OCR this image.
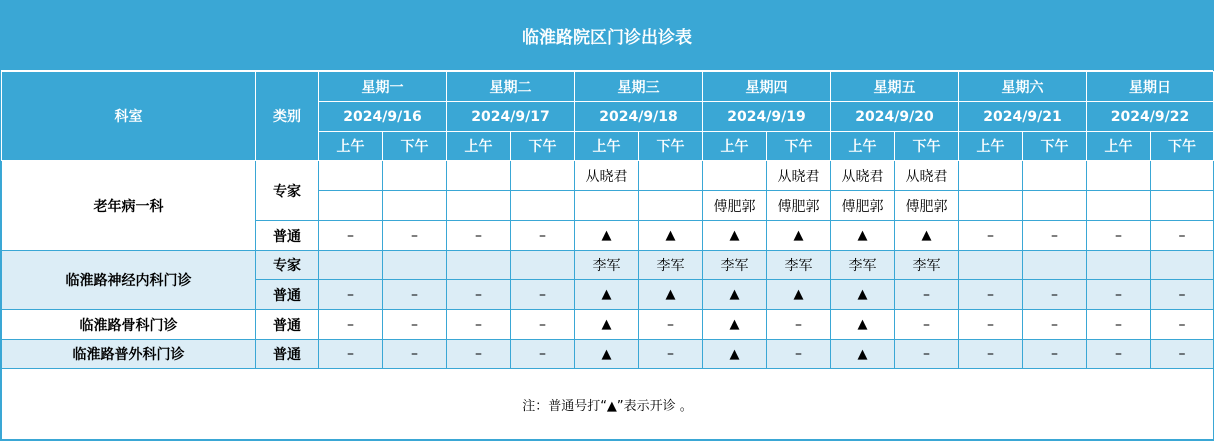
临淮路院区门诊出诊表
科室	类别	星期一		星期二		星期三		星期四		星期五		星期六		星期日	
		2024/9/16		2024/9/17		2024/9/18		2024/9/19		2024/9/20		2024/9/21		2024/9/22	
		上午	下午	上午	下午	上午	下午	上午	下午	上午	下午	上午	下午	上午	下午
老年病一科	专家					从晓君			从晓君	从晓君	从晓君				
								傅肥郭	傅肥郭	傅肥郭	傅肥郭				
	普通	–	–	–	–	▲	▲	▲	▲	▲	▲	–	–	–	–
临淮路神经内科门诊	专家					李军	李军	李军	李军	李军	李军				
	普通	–	–	–	–	▲	▲	▲	▲	▲	–	–	–	–	–
临淮路骨科门诊	普通	–	–	–	–	▲	–	▲	–	▲	–	–	–	–	–
临淮路普外科门诊	普通	–	–	–	–	▲	–	▲	–	▲	–	–	–	–	–
注：普通号打“▲”表示开诊 。															
